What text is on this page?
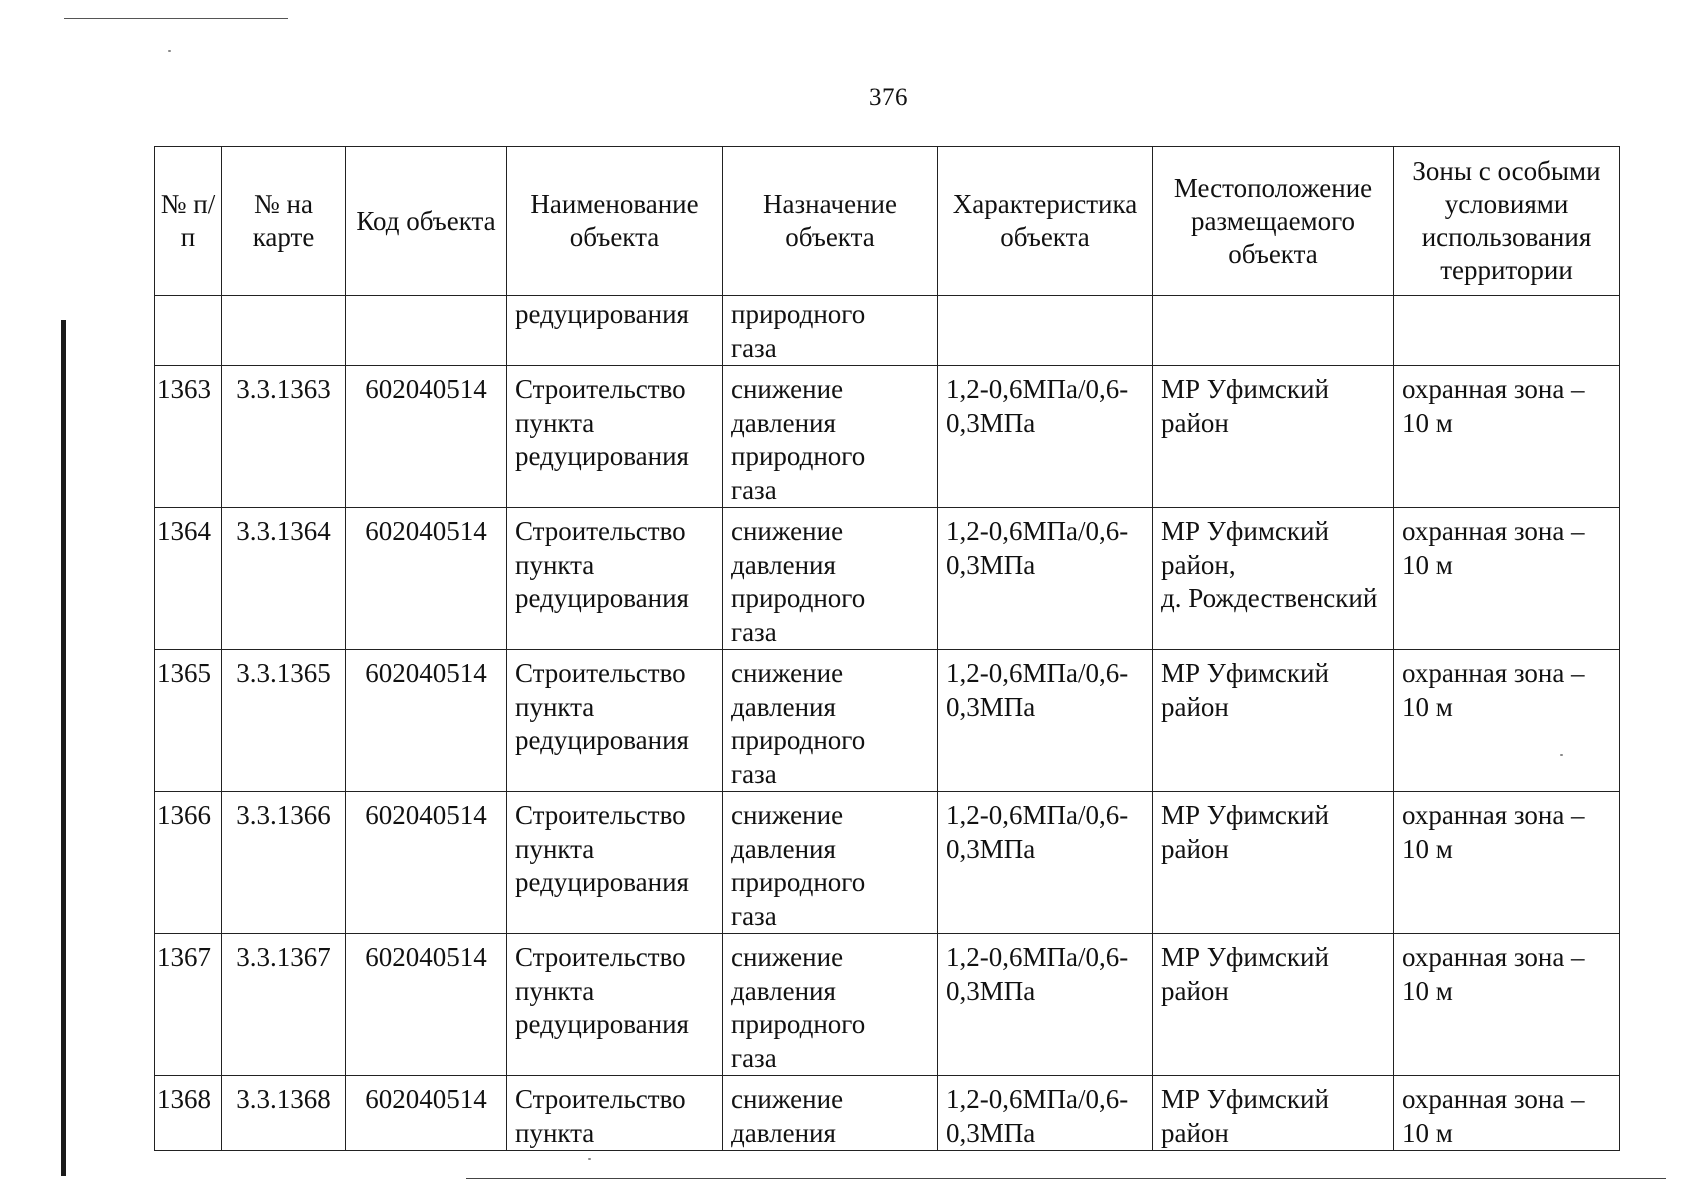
376
№ п/п	№ на карте	Код объекта	Наименование объекта	Назначение объекта	Характеристика объекта	Местоположение размещаемого объекта	Зоны с особыми условиями использования территории

			редуцирования	природного
газа			

1363	3.3.1363	602040514	Строительство
пункта
редуцирования	снижение
давления
природного
газа	1,2-0,6МПа/0,6-
0,3МПа	МР Уфимский
район	охранная зона –
10 м

1364	3.3.1364	602040514	Строительство
пункта
редуцирования	снижение
давления
природного
газа	1,2-0,6МПа/0,6-
0,3МПа	МР Уфимский
район,
д. Рождественский	охранная зона –
10 м

1365	3.3.1365	602040514	Строительство
пункта
редуцирования	снижение
давления
природного
газа	1,2-0,6МПа/0,6-
0,3МПа	МР Уфимский
район	охранная зона –
10 м

1366	3.3.1366	602040514	Строительство
пункта
редуцирования	снижение
давления
природного
газа	1,2-0,6МПа/0,6-
0,3МПа	МР Уфимский
район	охранная зона –
10 м

1367	3.3.1367	602040514	Строительство
пункта
редуцирования	снижение
давления
природного
газа	1,2-0,6МПа/0,6-
0,3МПа	МР Уфимский
район	охранная зона –
10 м

1368	3.3.1368	602040514	Строительство
пункта	снижение
давления	1,2-0,6МПа/0,6-
0,3МПа	МР Уфимский
район	охранная зона –
10 м
